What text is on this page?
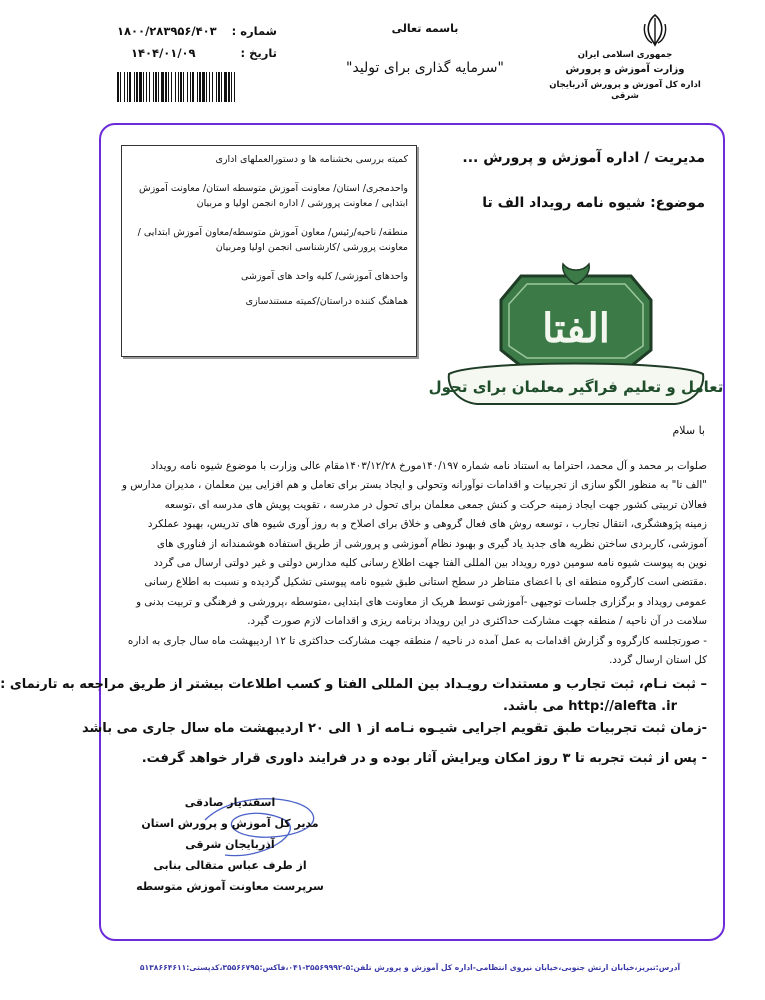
جمهوری اسلامی ایران
وزارت آموزش و پرورش
اداره کل آموزش و پرورش آذربایجان شرقی
باسمه تعالی
"سرمایه گذاری برای تولید"
۱۸۰۰/۲۸۳۹۵۶/۴۰۳ شماره :
۱۴۰۴/۰۱/۰۹	تاریخ :

کمیته بررسی بخشنامه ها و دستورالعملهای اداری

واحدمجری/ استان/ معاونت آموزش متوسطه استان/ معاونت آموزش ابتدایی / معاونت پرورشی / اداره انجمن اولیا و مربیان

منطقه/ ناحیه/رئیس/ معاون آموزش متوسطه/معاون آموزش ابتدایی / معاونت پرورشی /کارشناسی انجمن اولیا ومربیان

واحدهای آموزشی/ کلیه واحد های آموزشی

هماهنگ کننده دراستان/کمیته مستندسازی

مدیریت / اداره آموزش و پرورش ...
موضوع: شیوه نامه رویداد الف تا
الفتا
تعامل و تعلیم فراگیر معلمان برای تحول
با سلام

صلوات بر محمد و آل محمد، احتراما به استناد نامه شماره ۱۴۰/۱۹۷مورخ ۱۴۰۳/۱۲/۲۸مقام عالی وزارت با موضوع شیوه نامه رویداد

"الف تا" به منظور الگو سازی از تجربیات و اقدامات نوآورانه وتحولی و ایجاد بستر برای تعامل و هم افزایی بین معلمان ، مدیران مدارس و

فعالان تربیتی کشور جهت ایجاد زمینه حرکت و کنش جمعی معلمان برای تحول در مدرسه ، تقویت پویش های مدرسه ای ،توسعه

زمینه پژوهشگری، انتقال تجارب ، توسعه روش های فعال گروهی و خلاق برای اصلاح و به روز آوری شیوه های تدریس، بهبود عملکرد

آموزشی، کاربردی ساختن نظریه های جدید یاد گیری و بهبود نظام آموزشی و پرورشی از طریق استفاده هوشمندانه از فناوری های

نوین به پیوست شیوه نامه سومین دوره رویداد بین المللی الفتا جهت اطلاع رسانی کلیه مدارس دولتی و غیر دولتی ارسال می گردد

.مقتضی است کارگروه منطقه ای با اعضای متناظر در سطح استانی طبق شیوه نامه پیوستی تشکیل گردیده و نسبت به اطلاع رسانی

عمومی رویداد و برگزاری جلسات توجیهی -آموزشی توسط هریک از معاونت های ابتدایی ،متوسطه ،پرورشی و فرهنگی و تربیت بدنی و

سلامت در آن ناحیه / منطقه جهت مشارکت حداکثری در این رویداد برنامه ریزی و اقدامات لازم صورت گیرد.

- صورتجلسه کارگروه و گزارش اقدامات به عمل آمده در ناحیه / منطقه جهت مشارکت حداکثری تا ۱۲ اردیبهشت ماه سال جاری به اداره

کل استان ارسال گردد.

– ثبت نـام، ثبت تجارب و مستندات رویـداد بین المللی الفتا و کسب اطلاعات بیشتر از طریق مراجعه به تارنمای :

http://alefta .ir می باشد.

-زمان ثبت تجربیات طبق تقویم اجرایی شیـوه نـامه از ۱ الی ۲۰ اردیبهشت ماه سال جاری می باشد

- پس از ثبت تجربه تا ۳ روز امکان ویرایش آثار بوده و در فرایند داوری قرار خواهد گرفت.

اسفندیار صادقی
مدیر کل آموزش و پرورش استان
آذربایجان شرقی
از طرف عباس متقالی بنابی
سرپرست معاونت آموزش متوسطه
آدرس:تبریز،خیابان ارتش جنوبی،خیابان نیروی انتظامی-اداره کل آموزش و پرورش تلفن:۵-۳۵۵۶۹۹۹۲-۰۴۱،فاکس:۳۵۵۶۶۷۹۵،کدپستی:۵۱۳۸۶۶۴۶۱۱
